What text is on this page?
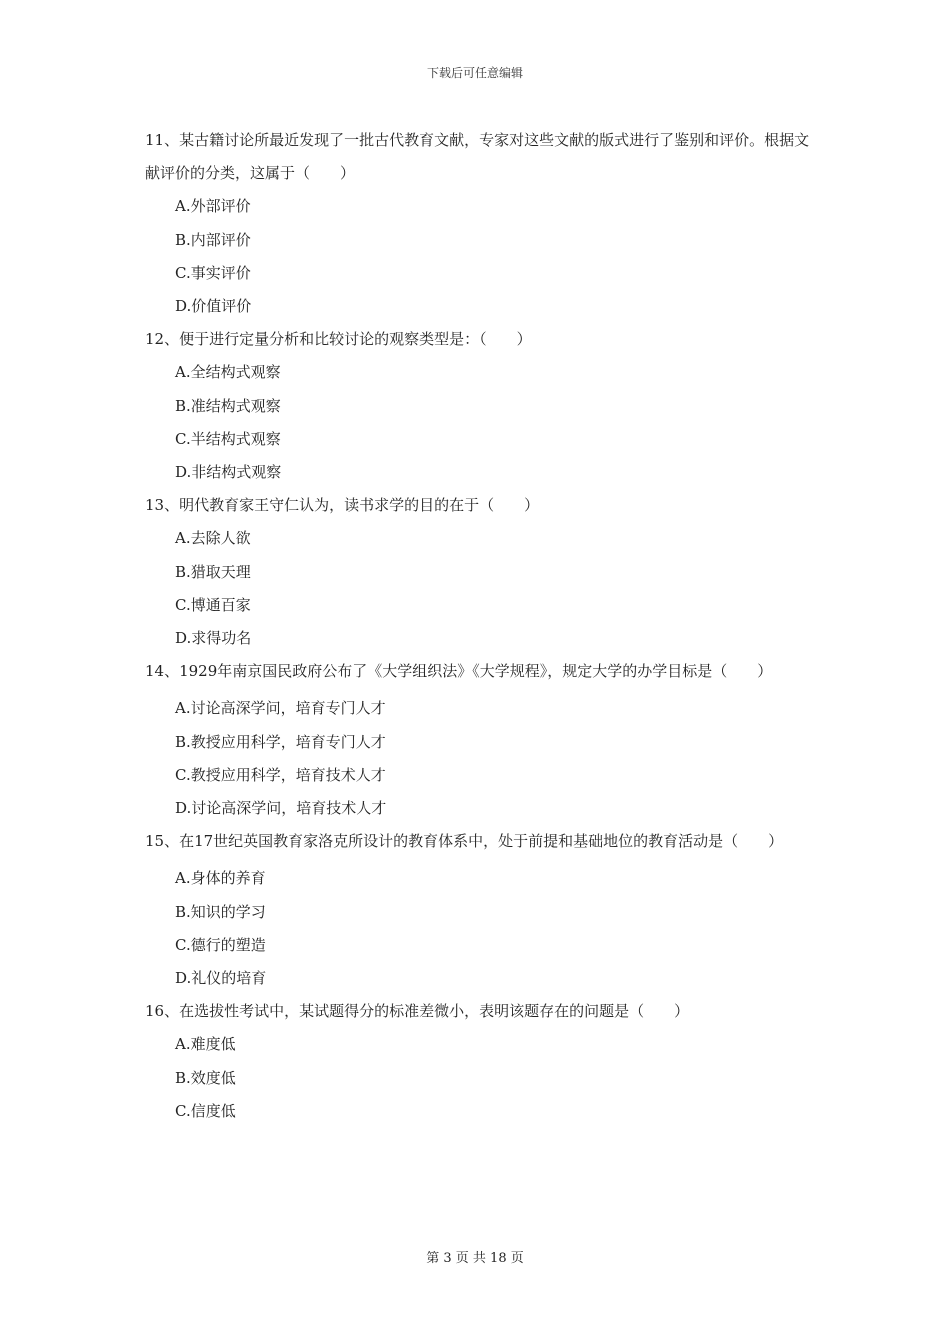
下载后可任意编辑

11、某古籍讨论所最近发现了一批古代教育文献，专家对这些文献的版式进行了鉴别和评价。根据文献评价的分类，这属于（　　）

A.外部评价
B.内部评价
C.事实评价
D.价值评价

12、便于进行定量分析和比较讨论的观察类型是：（　　）

A.全结构式观察
B.准结构式观察
C.半结构式观察
D.非结构式观察

13、明代教育家王守仁认为，读书求学的目的在于（　　）

A.去除人欲
B.猎取天理
C.博通百家
D.求得功名

14、1929年南京国民政府公布了《大学组织法》《大学规程》，规定大学的办学目标是（　　）

A.讨论高深学问，培育专门人才
B.教授应用科学，培育专门人才
C.教授应用科学，培育技术人才
D.讨论高深学问，培育技术人才

15、在17世纪英国教育家洛克所设计的教育体系中，处于前提和基础地位的教育活动是（　　）

A.身体的养育
B.知识的学习
C.德行的塑造
D.礼仪的培育

16、在选拔性考试中，某试题得分的标准差微小，表明该题存在的问题是（　　）

A.难度低
B.效度低
C.信度低
第 3 页 共 18 页
